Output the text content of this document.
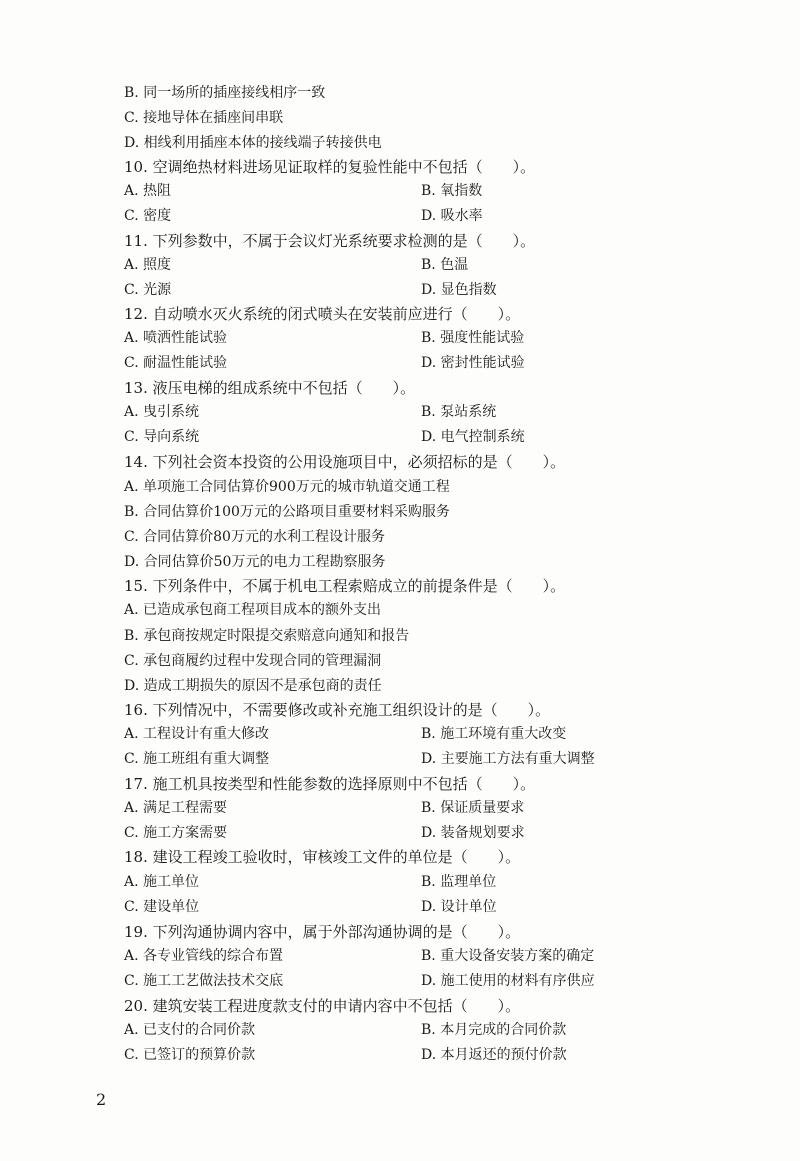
B. 同一场所的插座接线相序一致
C. 接地导体在插座间串联
D. 相线利用插座本体的接线端子转接供电
10. 空调绝热材料进场见证取样的复验性能中不包括（　　）。
A. 热阻	B. 氧指数
C. 密度	D. 吸水率
11. 下列参数中，不属于会议灯光系统要求检测的是（　　）。
A. 照度	B. 色温
C. 光源	D. 显色指数
12. 自动喷水灭火系统的闭式喷头在安装前应进行（　　）。
A. 喷洒性能试验	B. 强度性能试验
C. 耐温性能试验	D. 密封性能试验
13. 液压电梯的组成系统中不包括（　　）。
A. 曳引系统	B. 泵站系统
C. 导向系统	D. 电气控制系统
14. 下列社会资本投资的公用设施项目中，必须招标的是（　　）。
A. 单项施工合同估算价900万元的城市轨道交通工程
B. 合同估算价100万元的公路项目重要材料采购服务
C. 合同估算价80万元的水利工程设计服务
D. 合同估算价50万元的电力工程勘察服务
15. 下列条件中，不属于机电工程索赔成立的前提条件是（　　）。
A. 已造成承包商工程项目成本的额外支出
B. 承包商按规定时限提交索赔意向通知和报告
C. 承包商履约过程中发现合同的管理漏洞
D. 造成工期损失的原因不是承包商的责任
16. 下列情况中，不需要修改或补充施工组织设计的是（　　）。
A. 工程设计有重大修改	B. 施工环境有重大改变
C. 施工班组有重大调整	D. 主要施工方法有重大调整
17. 施工机具按类型和性能参数的选择原则中不包括（　　）。
A. 满足工程需要	B. 保证质量要求
C. 施工方案需要	D. 装备规划要求
18. 建设工程竣工验收时，审核竣工文件的单位是（　　）。
A. 施工单位	B. 监理单位
C. 建设单位	D. 设计单位
19. 下列沟通协调内容中，属于外部沟通协调的是（　　）。
A. 各专业管线的综合布置	B. 重大设备安装方案的确定
C. 施工工艺做法技术交底	D. 施工使用的材料有序供应
20. 建筑安装工程进度款支付的申请内容中不包括（　　）。
A. 已支付的合同价款	B. 本月完成的合同价款
C. 已签订的预算价款	D. 本月返还的预付价款
2
